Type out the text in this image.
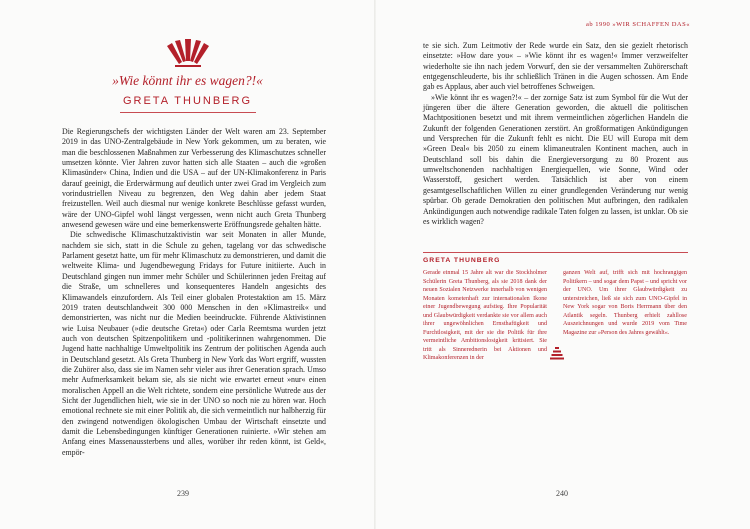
»Wie könnt ihr es wagen?!«
GRETA THUNBERG

Die Regierungschefs der wichtigsten Länder der Welt waren am 23. September 2019 in das UNO-Zentralgebäude in New York gekommen, um zu beraten, wie man die beschlossenen Maßnahmen zur Verbesserung des Klimaschutzes schneller umsetzen könnte. Vier Jahren zuvor hatten sich alle Staaten – auch die »großen Klimasünder« China, Indien und die USA – auf der UN-Klimakonferenz in Paris darauf geeinigt, die Erderwärmung auf deutlich unter zwei Grad im Vergleich zum vorindustriellen Niveau zu begrenzen, den Weg dahin aber jedem Staat freizustellen. Weil auch diesmal nur wenige konkrete Beschlüsse gefasst wurden, wäre der UNO-Gipfel wohl längst vergessen, wenn nicht auch Greta Thunberg anwesend gewesen wäre und eine bemerkenswerte Eröffnungsrede gehalten hätte.

Die schwedische Klimaschutzaktivistin war seit Monaten in aller Munde, nachdem sie sich, statt in die Schule zu gehen, tagelang vor das schwedische Parlament gesetzt hatte, um für mehr Klimaschutz zu demonstrieren, und damit die weltweite Klima- und Jugendbewegung Fridays for Future initiierte. Auch in Deutschland gingen nun immer mehr Schüler und Schülerinnen jeden Freitag auf die Straße, um schnelleres und konsequenteres Handeln angesichts des Klimawandels einzufordern. Als Teil einer globalen Protestaktion am 15. März 2019 traten deutschlandweit 300 000 Menschen in den »Klimastreik« und demonstrierten, was nicht nur die Medien beeindruckte. Führende Aktivistinnen wie Luisa Neubauer (»die deutsche Greta«) oder Carla Reemtsma wurden jetzt auch von deutschen Spitzenpolitikern und -politikerinnen wahrgenommen. Die Jugend hatte nachhaltige Umweltpolitik ins Zentrum der politischen Agenda auch in Deutschland gesetzt. Als Greta Thunberg in New York das Wort ergriff, wussten die Zuhörer also, dass sie im Namen sehr vieler aus ihrer Generation sprach. Umso mehr Aufmerksamkeit bekam sie, als sie nicht wie erwartet erneut »nur« einen moralischen Appell an die Welt richtete, sondern eine persönliche Wutrede aus der Sicht der Jugendlichen hielt, wie sie in der UNO so noch nie zu hören war. Hoch emotional rechnete sie mit einer Politik ab, die sich vermeintlich nur halbherzig für den zwingend notwendigen ökologischen Umbau der Wirtschaft einsetzte und damit die Lebensbedingungen künftiger Generationen ruinierte. »Wir stehen am Anfang eines Massenaussterbens und alles, worüber ihr reden könnt, ist Geld«, empör-

239
ab 1990 »WIR SCHAFFEN DAS«

te sie sich. Zum Leitmotiv der Rede wurde ein Satz, den sie gezielt rhetorisch einsetzte: »How dare you« – »Wie könnt ihr es wagen!« Immer verzweifelter wiederholte sie ihn nach jedem Vorwurf, den sie der versammelten Zuhörerschaft entgegenschleuderte, bis ihr schließlich Tränen in die Augen schossen. Am Ende gab es Applaus, aber auch viel betroffenes Schweigen.

»Wie könnt ihr es wagen?!« – der zornige Satz ist zum Symbol für die Wut der jüngeren über die ältere Generation geworden, die aktuell die politischen Machtpositionen besetzt und mit ihrem vermeintlichen zögerlichen Handeln die Zukunft der folgenden Generationen zerstört. An großformatigen Ankündigungen und Versprechen für die Zukunft fehlt es nicht. Die EU will Europa mit dem »Green Deal« bis 2050 zu einem klimaneutralen Kontinent machen, auch in Deutschland soll bis dahin die Energieversorgung zu 80 Prozent aus umweltschonenden nachhaltigen Energiequellen, wie Sonne, Wind oder Wasserstoff, gesichert werden. Tatsächlich ist aber von einem gesamtgesellschaftlichen Willen zu einer grundlegenden Veränderung nur wenig spürbar. Ob gerade Demokratien den politischen Mut aufbringen, den radikalen Ankündigungen auch notwendige radikale Taten folgen zu lassen, ist unklar. Ob sie es wirklich wagen?

GRETA THUNBERG
Gerade einmal 15 Jahre alt war die Stockholmer Schülerin Greta Thunberg, als sie 2018 dank der neuen Sozialen Netzwerke innerhalb von wenigen Monaten kometenhaft zur internationalen Ikone einer Jugendbewegung aufstieg. Ihre Popularität und Glaubwürdigkeit verdankte sie vor allem auch ihrer ungewöhnlichen Ernsthaftigkeit und Furchtlosigkeit, mit der sie die Politik für ihre vermeintliche Ambitionslosigkeit kritisiert. Sie tritt als Sinnerednerin bei Aktionen und Klimakonferenzen in der
ganzen Welt auf, trifft sich mit hochrangigen Politikern – und sogar dem Papst – und spricht vor der UNO. Um ihrer Glaubwürdigkeit zu unterstreichen, ließ sie sich zum UNO-Gipfel in New York sogar von Boris Herrmann über den Atlantik segeln. Thunberg erhielt zahllose Auszeichnungen und wurde 2019 vom Time Magazine zur »Person des Jahres gewählt«.
240
